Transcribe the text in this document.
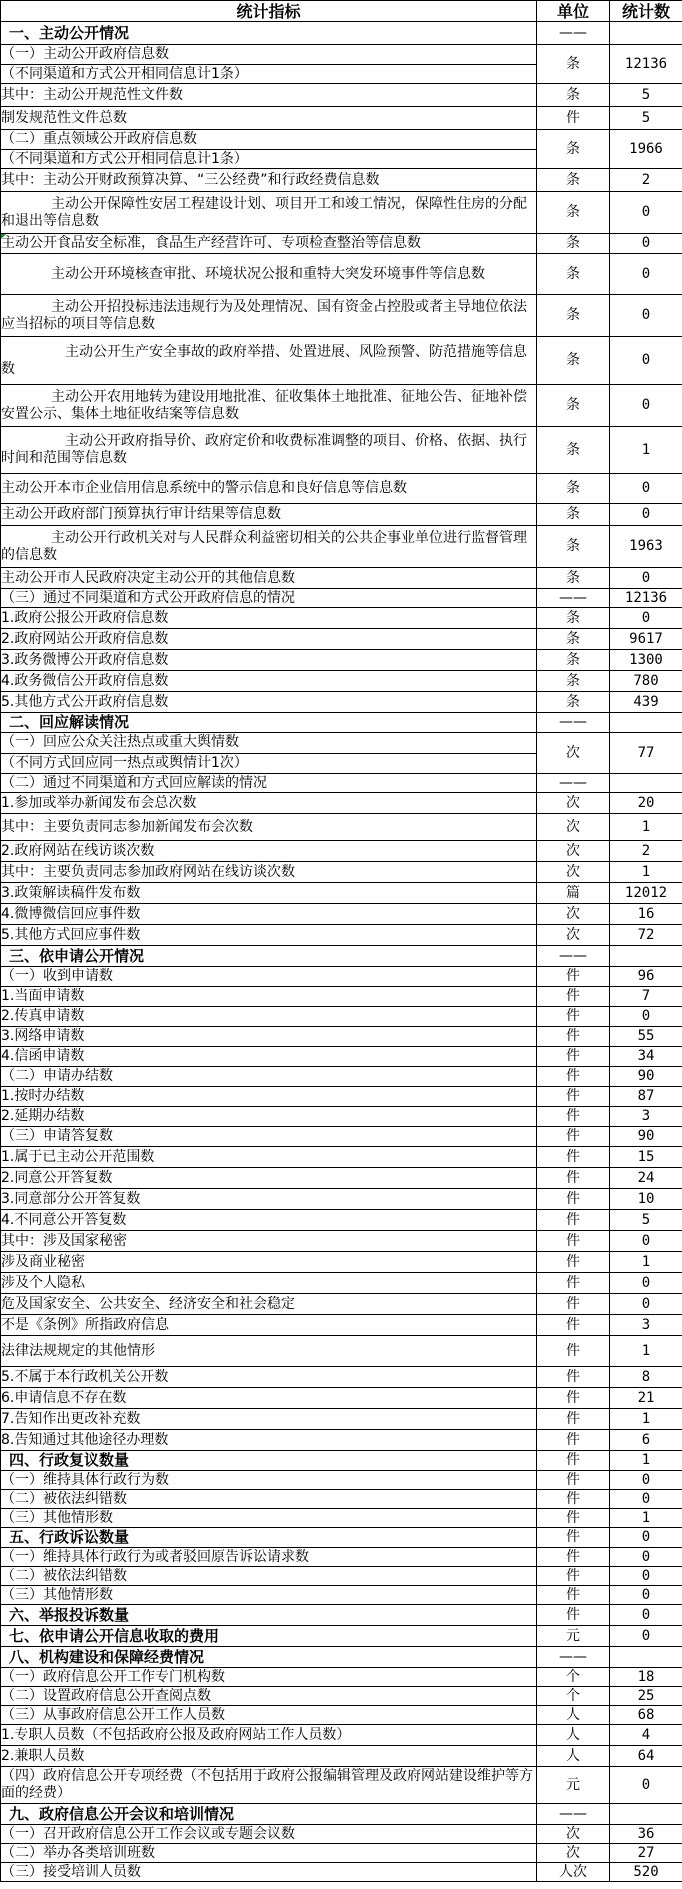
统计指标	单位	统计数
一、主动公开情况	——	

（一）主动公开政府信息数
（不同渠道和方式公开相同信息计1条）	条	12136
其中：主动公开规范性文件数	条	5
制发规范性文件总数	件	5

（二）重点领域公开政府信息数
（不同渠道和方式公开相同信息计1条）	条	1966
其中：主动公开财政预算决算、“三公经费”和行政经费信息数	条	2

主动公开保障性安居工程建设计划、项目开工和竣工情况，保障性住房的分配和退出等信息数	条	0

主动公开食品安全标准，食品生产经营许可、专项检查整治等信息数	条	0

主动公开环境核查审批、环境状况公报和重特大突发环境事件等信息数	条	0

主动公开招投标违法违规行为及处理情况、国有资金占控股或者主导地位依法应当招标的项目等信息数	条	0

主动公开生产安全事故的政府举措、处置进展、风险预警、防范措施等信息数	条	0

主动公开农用地转为建设用地批准、征收集体土地批准、征地公告、征地补偿安置公示、集体土地征收结案等信息数	条	0

主动公开政府指导价、政府定价和收费标准调整的项目、价格、依据、执行时间和范围等信息数	条	1
主动公开本市企业信用信息系统中的警示信息和良好信息等信息数	条	0
主动公开政府部门预算执行审计结果等信息数	条	0

主动公开行政机关对与人民群众利益密切相关的公共企事业单位进行监督管理的信息数	条	1963
主动公开市人民政府决定主动公开的其他信息数	条	0
（三）通过不同渠道和方式公开政府信息的情况	——	12136
1.政府公报公开政府信息数	条	0
2.政府网站公开政府信息数	条	9617
3.政务微博公开政府信息数	条	1300
4.政务微信公开政府信息数	条	780
5.其他方式公开政府信息数	条	439
二、回应解读情况	——	

（一）回应公众关注热点或重大舆情数
（不同方式回应同一热点或舆情计1次）	次	77
（二）通过不同渠道和方式回应解读的情况	——	
1.参加或举办新闻发布会总次数	次	20
其中：主要负责同志参加新闻发布会次数	次	1
2.政府网站在线访谈次数	次	2
其中：主要负责同志参加政府网站在线访谈次数	次	1
3.政策解读稿件发布数	篇	12012
4.微博微信回应事件数	次	16
5.其他方式回应事件数	次	72
三、依申请公开情况	——	
（一）收到申请数	件	96
1.当面申请数	件	7
2.传真申请数	件	0
3.网络申请数	件	55
4.信函申请数	件	34
（二）申请办结数	件	90
1.按时办结数	件	87
2.延期办结数	件	3
（三）申请答复数	件	90
1.属于已主动公开范围数	件	15
2.同意公开答复数	件	24
3.同意部分公开答复数	件	10
4.不同意公开答复数	件	5
其中：涉及国家秘密	件	0
涉及商业秘密	件	1
涉及个人隐私	件	0
危及国家安全、公共安全、经济安全和社会稳定	件	0
不是《条例》所指政府信息	件	3
法律法规规定的其他情形	件	1
5.不属于本行政机关公开数	件	8
6.申请信息不存在数	件	21
7.告知作出更改补充数	件	1
8.告知通过其他途径办理数	件	6
四、行政复议数量	件	1
（一）维持具体行政行为数	件	0
（二）被依法纠错数	件	0
（三）其他情形数	件	1
五、行政诉讼数量	件	0
（一）维持具体行政行为或者驳回原告诉讼请求数	件	0
（二）被依法纠错数	件	0
（三）其他情形数	件	0
六、举报投诉数量	件	0
七、依申请公开信息收取的费用	元	0
八、机构建设和保障经费情况	——	
（一）政府信息公开工作专门机构数	个	18
（二）设置政府信息公开查阅点数	个	25
（三）从事政府信息公开工作人员数	人	68
1.专职人员数（不包括政府公报及政府网站工作人员数）	人	4
2.兼职人员数	人	64

（四）政府信息公开专项经费（不包括用于政府公报编辑管理及政府网站建设维护等方面的经费）	元	0
九、政府信息公开会议和培训情况	——	
（一）召开政府信息公开工作会议或专题会议数	次	36
（二）举办各类培训班数	次	27
（三）接受培训人员数	人次	520
